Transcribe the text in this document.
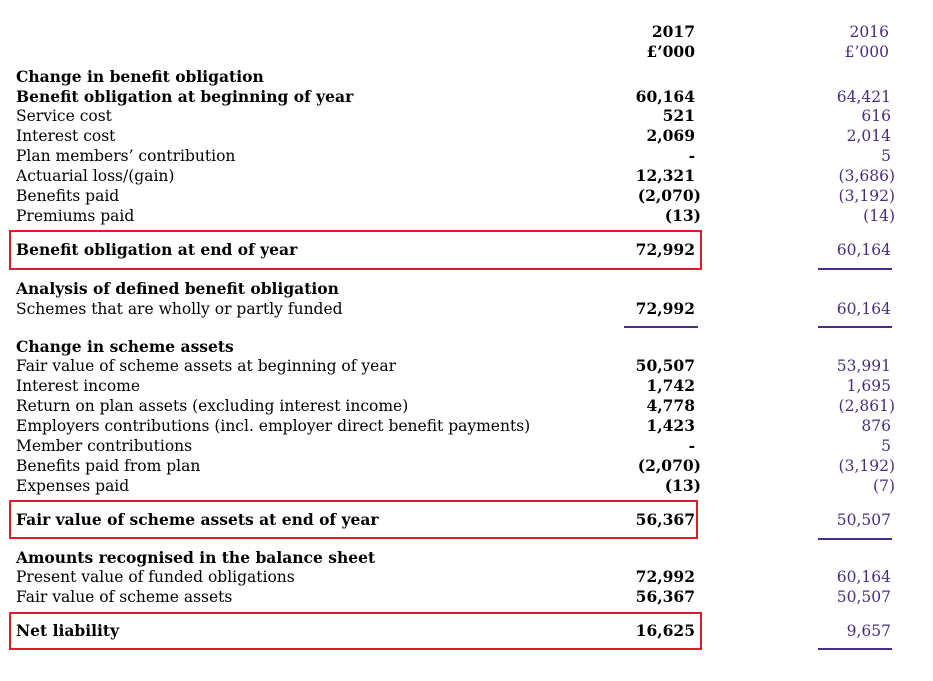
2017
£’000
2016
£’000
Change in benefit obligation
Benefit obligation at beginning of year	60,164	64,421
Service cost	521	616
Interest cost	2,069	2,014
Plan members’ contribution	-	5
Actuarial loss/(gain)	12,321	(3,686)
Benefits paid	(2,070)	(3,192)
Premiums paid	(13)	(14)
Benefit obligation at end of year	72,992	60,164
Analysis of defined benefit obligation
Schemes that are wholly or partly funded	72,992	60,164
Change in scheme assets
Fair value of scheme assets at beginning of year	50,507	53,991
Interest income	1,742	1,695
Return on plan assets (excluding interest income)	4,778	(2,861)
Employers contributions (incl. employer direct benefit payments)	1,423	876
Member contributions	-	5
Benefits paid from plan	(2,070)	(3,192)
Expenses paid	(13)	(7)
Fair value of scheme assets at end of year	56,367	50,507
Amounts recognised in the balance sheet
Present value of funded obligations	72,992	60,164
Fair value of scheme assets	56,367	50,507
Net liability	16,625	9,657
